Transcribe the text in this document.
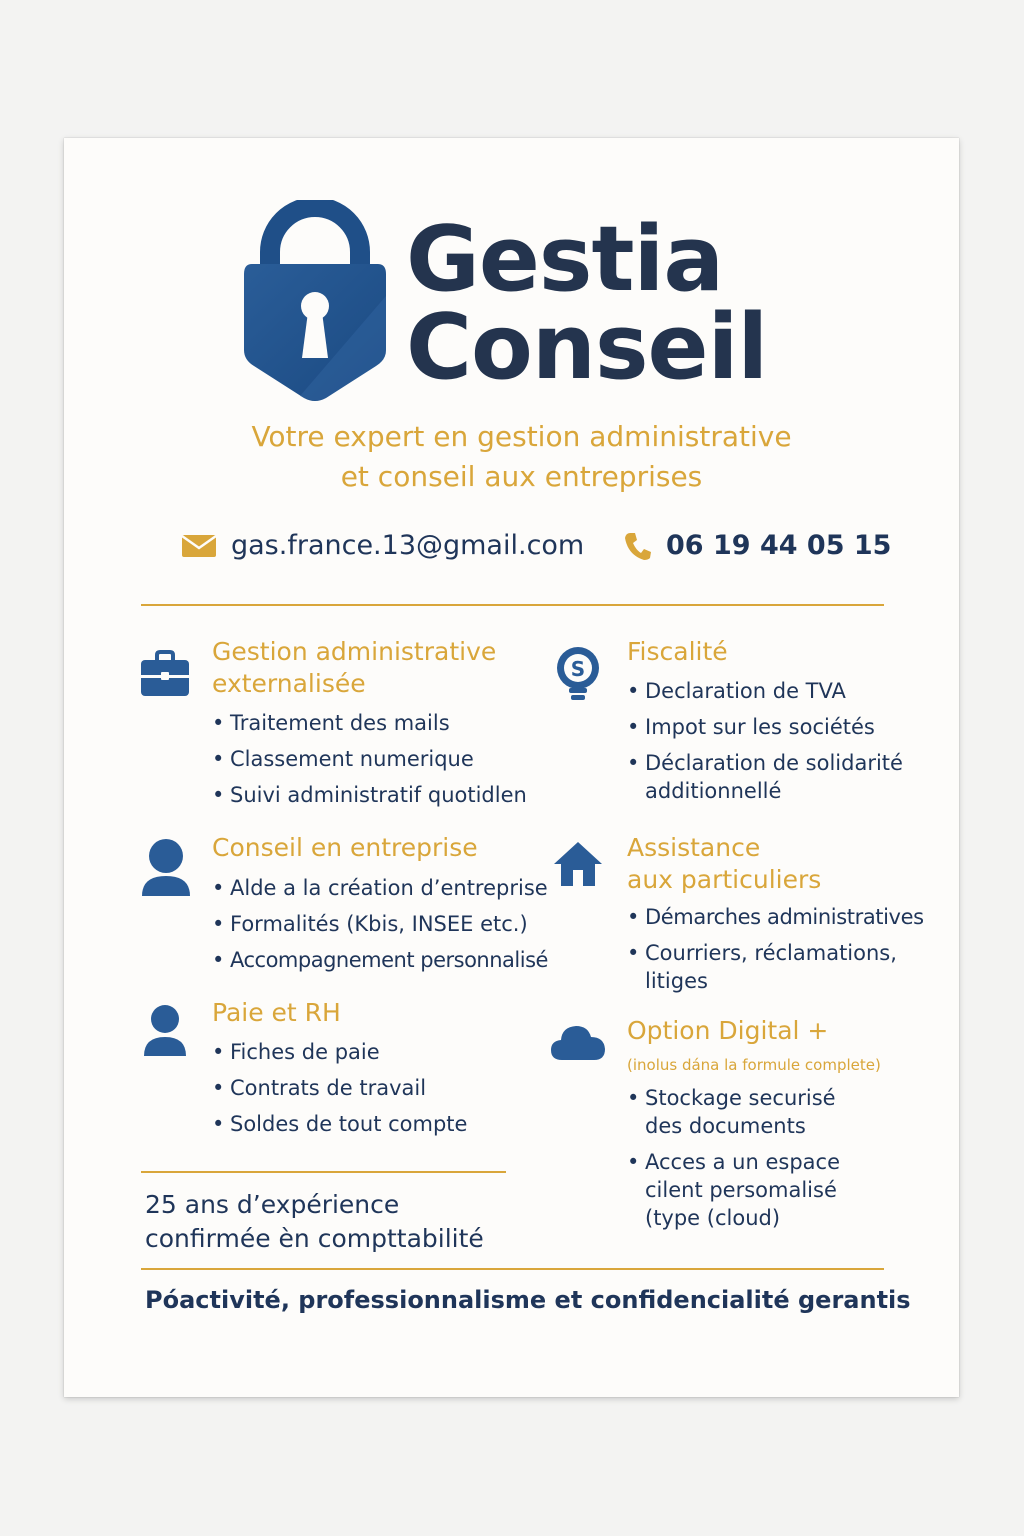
Gestia
Conseil
Votre expert en gestion administrative
et conseil aux entreprises
gas.france.13@gmail.com	06 19 44 05 15
Gestion administrative
externalisée
• Traitement des mails
• Classement numerique
• Suivi administratif quotidlen
Conseil en entreprise
• Alde a la création d’entreprise
• Formalités (Kbis, INSEE etc.)
• Accompagnement personnalisé
Paie et RH
• Fiches de paie
• Contrats de travail
• Soldes de tout compte
25 ans d’expérience
confirmée èn compttabilité
S
Fiscalité
• Declaration de TVA
• Impot sur les sociétés
• Déclaration de solidarité
additionnellé
Assistance
aux particuliers
• Démarches administratives
• Courriers, réclamations,
litiges
Option Digital +
(inolus dána la formule complete)
• Stockage securisé
des documents
• Acces a un espace
cilent persomalisé
(type (cloud)
Póactivité, professionnalisme et confidencialité gerantis
